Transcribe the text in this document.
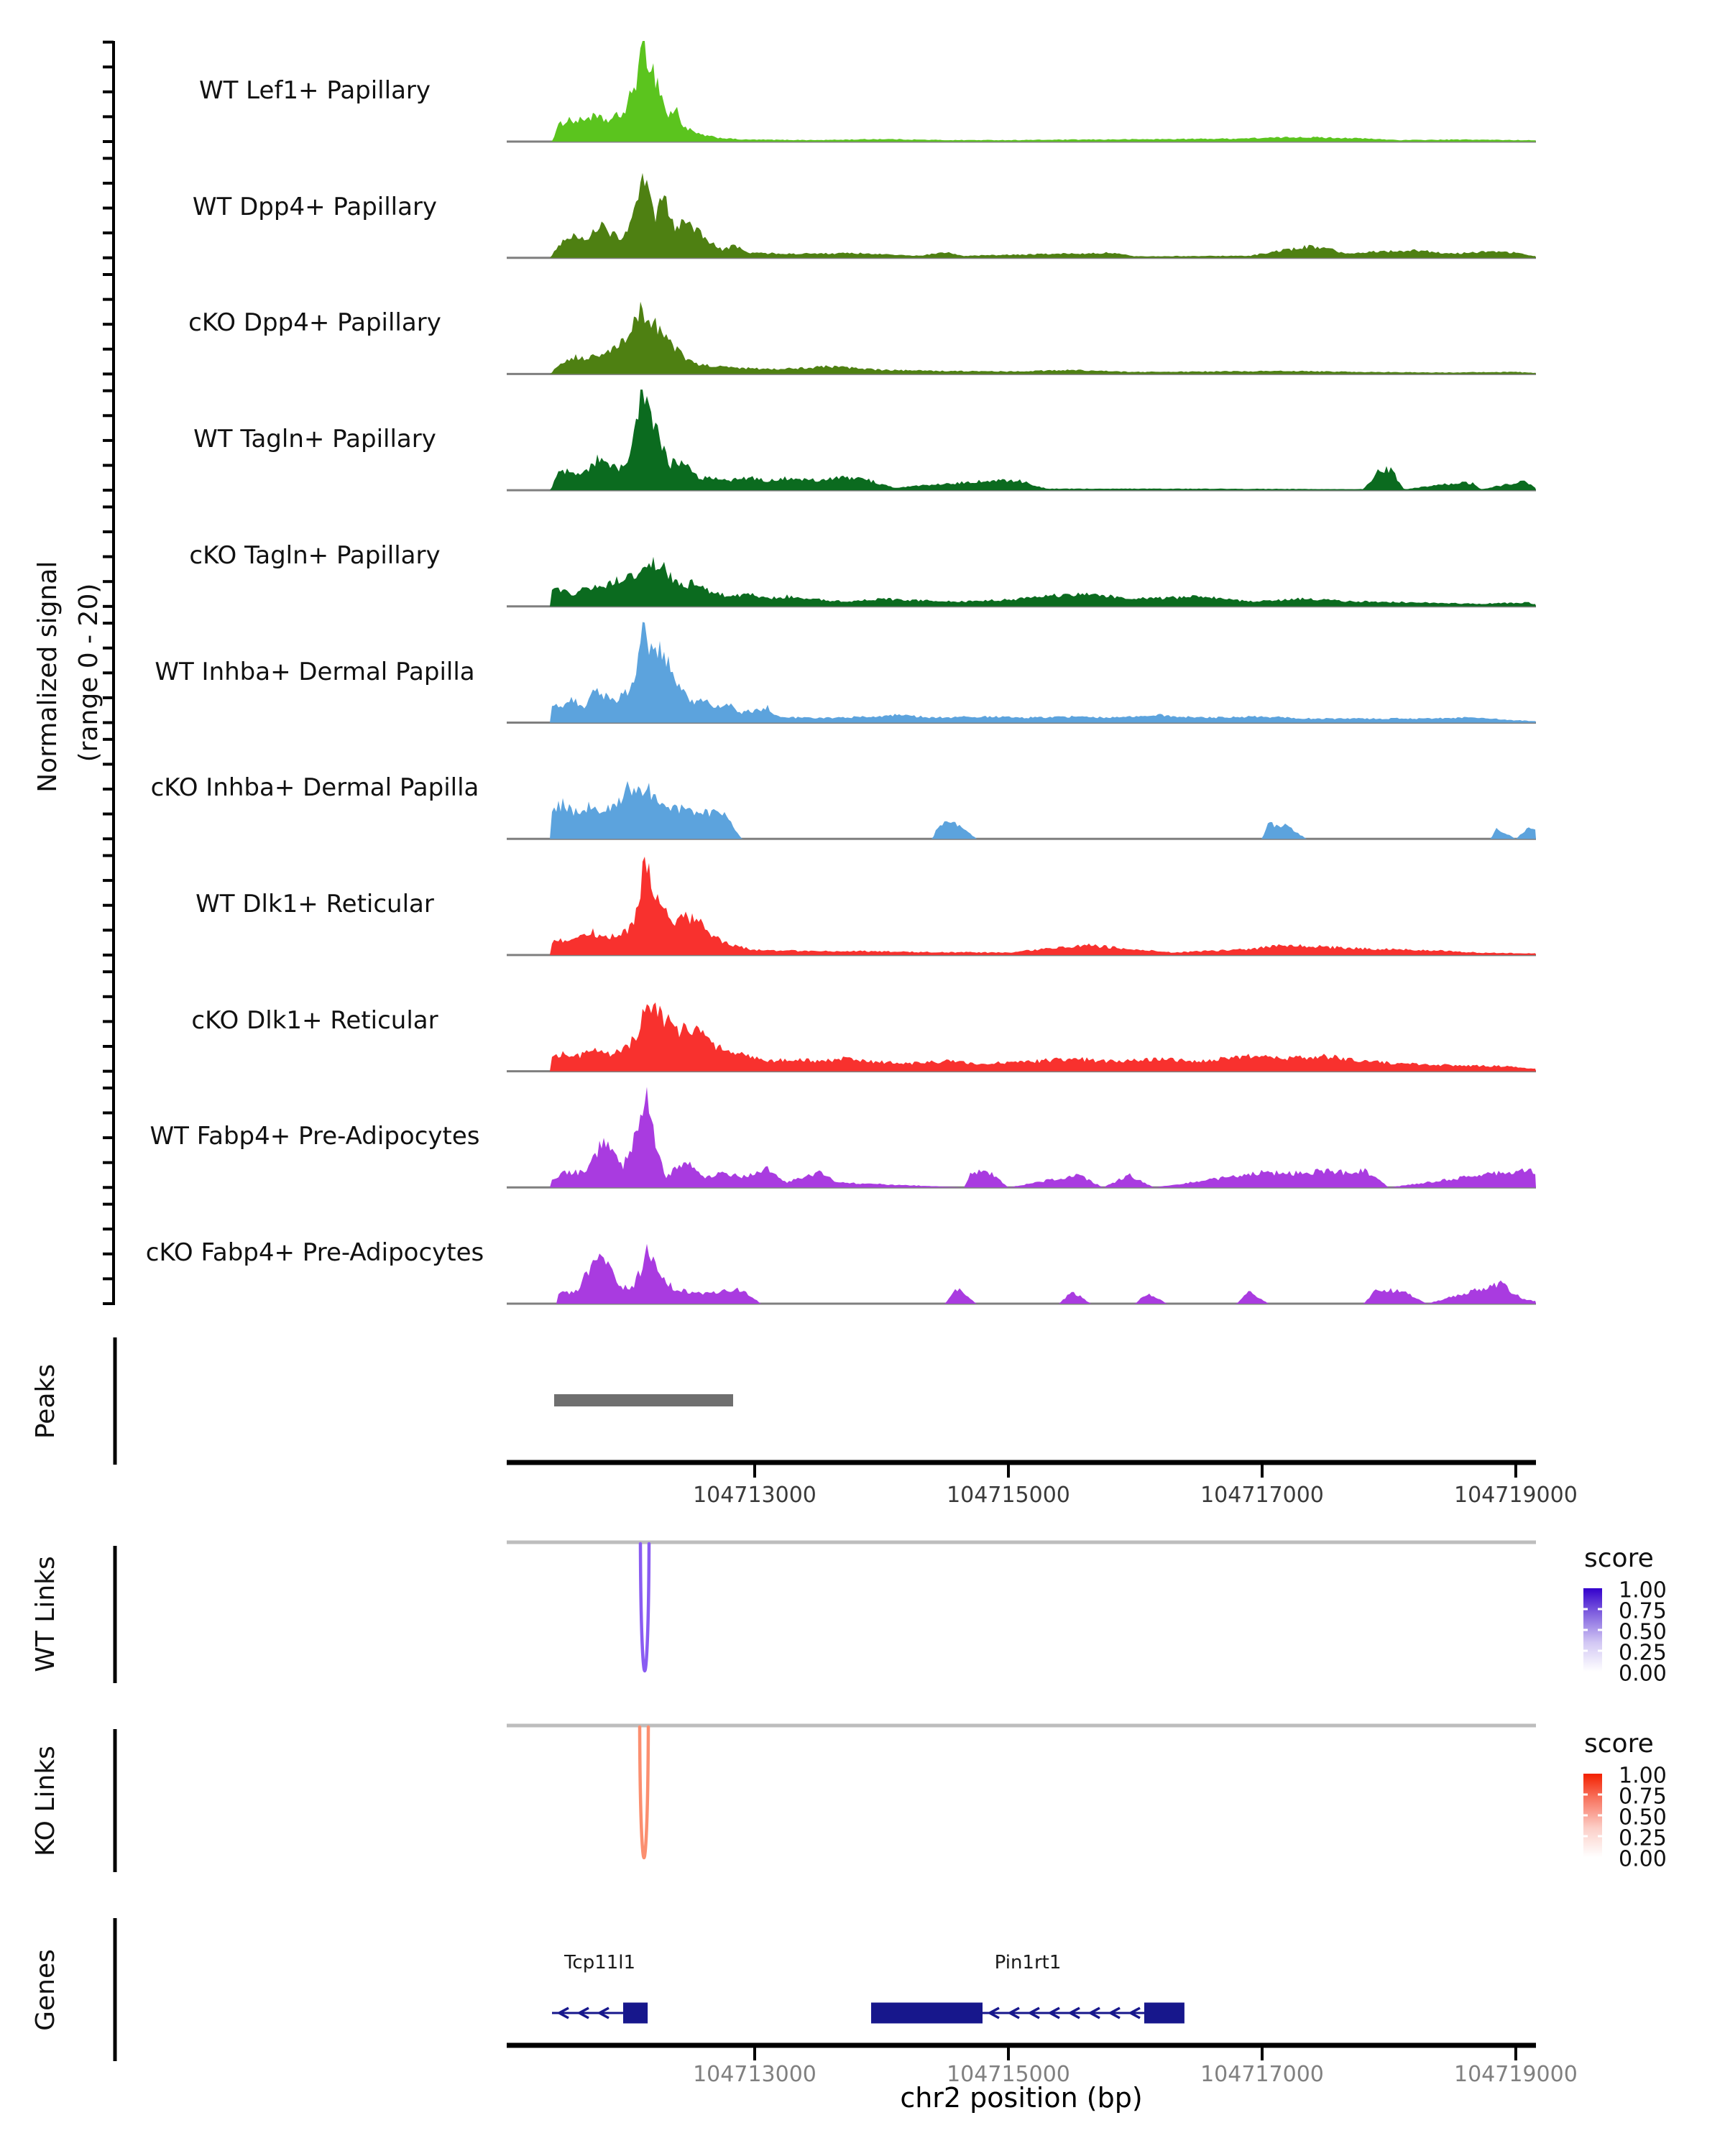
Normalized signal (range 0 - 20)
Peaks
WT Links
KO Links
Genes
chr2 position (bp)
WT Lef1+ Papillary
WT Dpp4+ Papillary
cKO Dpp4+ Papillary
WT Tagln+ Papillary
cKO Tagln+ Papillary
WT Inhba+ Dermal Papilla
cKO Inhba+ Dermal Papilla
WT Dlk1+ Reticular
cKO Dlk1+ Reticular
WT Fabp4+ Pre-Adipocytes
cKO Fabp4+ Pre-Adipocytes
104713000	104715000	104717000	104719000
104713000	104715000	104717000	104719000
score
1.00
0.75
0.50
0.25
0.00
score
1.00
0.75
0.50
0.25
0.00
Tcp11l1	Pin1rt1
